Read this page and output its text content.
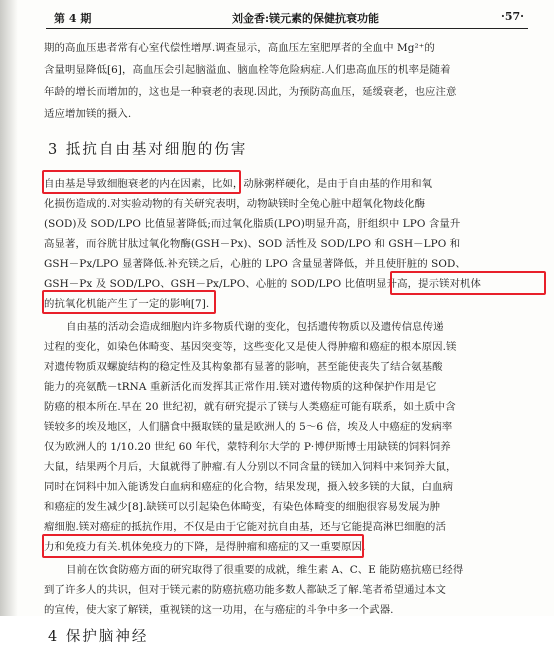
第 4 期	刘金香:镁元素的保健抗衰功能	·57·
期的高血压患者常有心室代偿性增厚.调查显示，高血压左室肥厚者的全血中 Mg²⁺的
含量明显降低[6]，高血压会引起脑溢血、脑血栓等危险病症.人们患高血压的机率是随着
年龄的增长而增加的，这也是一种衰老的表现.因此，为预防高血压，延缓衰老，也应注意
适应增加镁的摄入.
3 抵抗自由基对细胞的伤害
自由基是导致细胞衰老的内在因素，比如，动脉粥样硬化，是由于自由基的作用和氧
化损伤造成的.对实验动物的有关研究表明，动物缺镁时全兔心脏中超氧化物歧化酶
(SOD)及 SOD/LPO 比值显著降低;而过氧化脂质(LPO)明显升高，肝组织中 LPO 含量升
高显著，而谷胱甘肽过氧化物酶(GSH－Px)、SOD 活性及 SOD/LPO 和 GSH－LPO 和
GSH－Px/LPO 显著降低.补充镁之后，心脏的 LPO 含量显著降低，并且使肝脏的 SOD、
GSH－Px 及 SOD/LPO、GSH－Px/LPO、心脏的 SOD/LPO 比值明显升高，提示镁对机体
的抗氧化机能产生了一定的影响[7].
自由基的活动会造成细胞内许多物质代谢的变化，包括遗传物质以及遗传信息传递
过程的变化，如染色体畸变、基因突变等，这些变化又是使人得肿瘤和癌症的根本原因.镁
对遗传物质双螺旋结构的稳定性及其构象都有显著的影响，甚至能使丧失了结合氨基酸
能力的亮氨酰－tRNA 重新活化而发挥其正常作用.镁对遗传物质的这种保护作用是它
防癌的根本所在.早在 20 世纪初，就有研究提示了镁与人类癌症可能有联系，如土质中含
镁较多的埃及地区，人们膳食中摄取镁的量是欧洲人的 5～6 倍，埃及人中癌症的发病率
仅为欧洲人的 1/10.20 世纪 60 年代，蒙特利尔大学的 P·博伊斯博士用缺镁的饲料饲养
大鼠，结果两个月后，大鼠就得了肿瘤.有人分别以不同含量的镁加入饲料中来饲养大鼠，
同时在饲料中加入能诱发白血病和癌症的化合物，结果发现，摄入较多镁的大鼠，白血病
和癌症的发生减少[8].缺镁可以引起染色体畸变，有染色体畸变的细胞很容易发展为肿
瘤细胞.镁对癌症的抵抗作用，不仅是由于它能对抗自由基，还与它能提高淋巴细胞的活
力和免疫力有关.机体免疫力的下降，是得肿瘤和癌症的又一重要原因.
目前在饮食防癌方面的研究取得了很重要的成就，维生素 A、C、E 能防癌抗癌已经得
到了许多人的共识，但对于镁元素的防癌抗癌功能多数人都缺乏了解.笔者希望通过本文
的宣传，使大家了解镁，重视镁的这一功用，在与癌症的斗争中多一个武器.
4 保护脑神经
